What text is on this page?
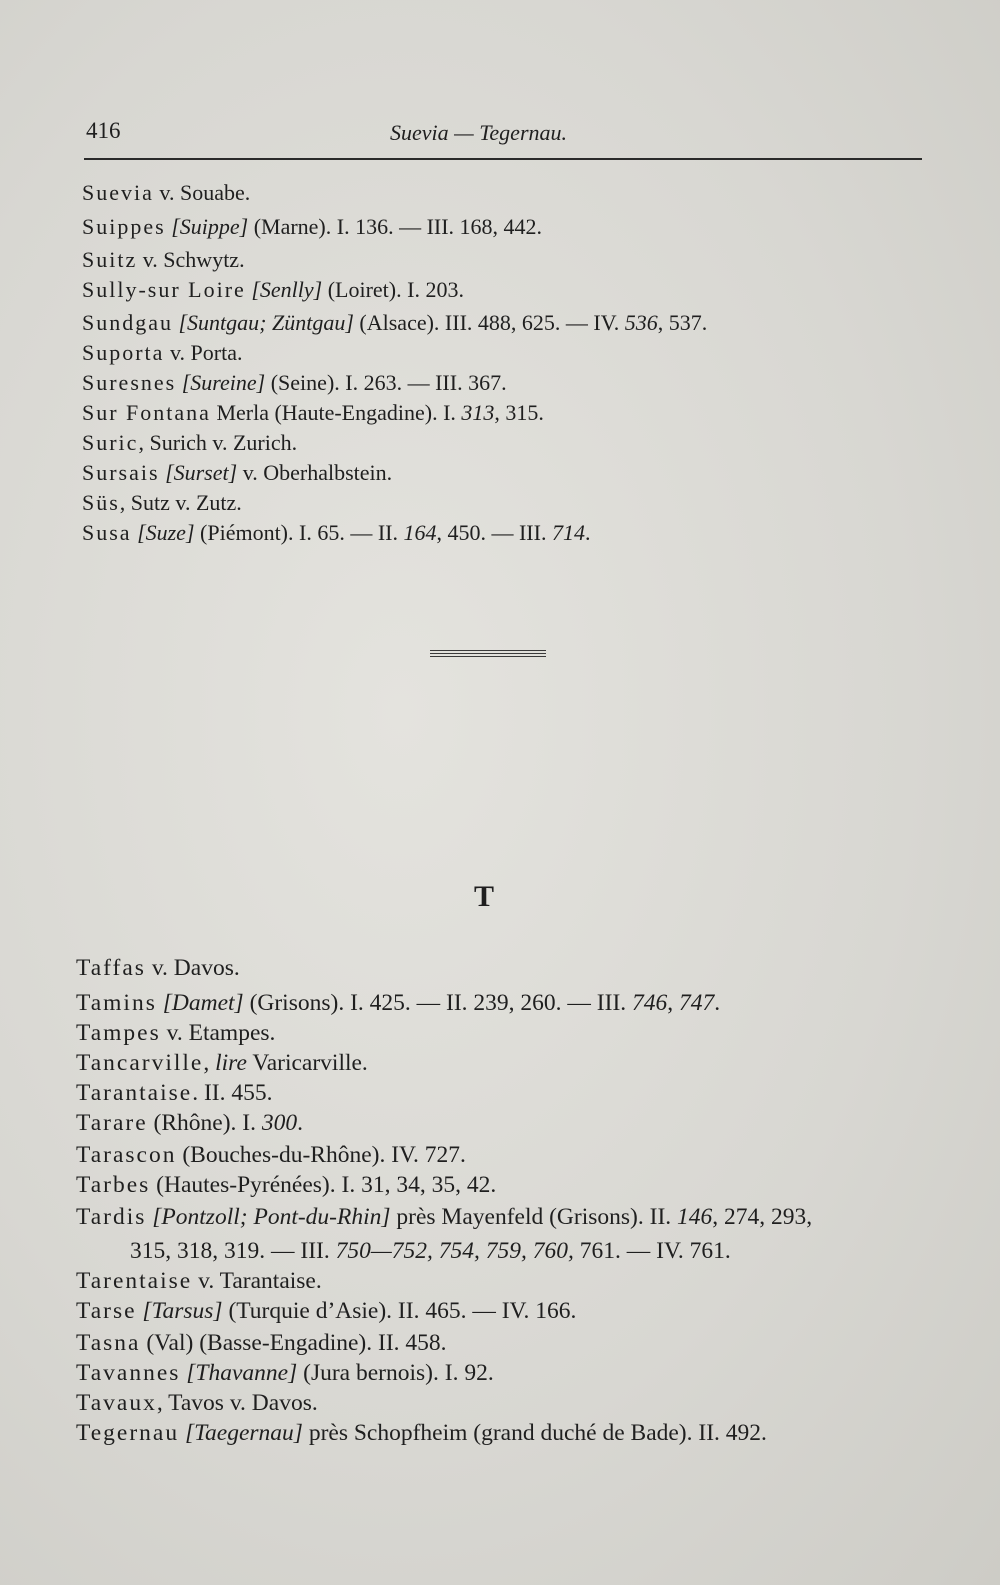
416	Suevia — Tegernau.
Suevia v. Souabe.
Suippes [Suippe] (Marne). I. 136. — III. 168, 442.
Suitz v. Schwytz.
Sully-sur Loire [Senlly] (Loiret). I. 203.
Sundgau [Suntgau; Züntgau] (Alsace). III. 488, 625. — IV. 536, 537.
Suporta v. Porta.
Suresnes [Sureine] (Seine). I. 263. — III. 367.
Sur Fontana Merla (Haute-Engadine). I. 313, 315.
Suric, Surich v. Zurich.
Sursais [Surset] v. Oberhalbstein.
Süs, Sutz v. Zutz.
Susa [Suze] (Piémont). I. 65. — II. 164, 450. — III. 714.
T
Taffas v. Davos.
Tamins [Damet] (Grisons). I. 425. — II. 239, 260. — III. 746, 747.
Tampes v. Etampes.
Tancarville, lire Varicarville.
Tarantaise. II. 455.
Tarare (Rhône). I. 300.
Tarascon (Bouches-du-Rhône). IV. 727.
Tarbes (Hautes-Pyrénées). I. 31, 34, 35, 42.
Tardis [Pontzoll; Pont-du-Rhin] près Mayenfeld (Grisons). II. 146, 274, 293,
Tarentaise v. Tarantaise.
Tarse [Tarsus] (Turquie d’Asie). II. 465. — IV. 166.
Tasna (Val) (Basse-Engadine). II. 458.
Tavannes [Thavanne] (Jura bernois). I. 92.
Tavaux, Tavos v. Davos.
Tegernau [Taegernau] près Schopfheim (grand duché de Bade). II. 492.
315, 318, 319. — III. 750—752, 754, 759, 760, 761. — IV. 761.
